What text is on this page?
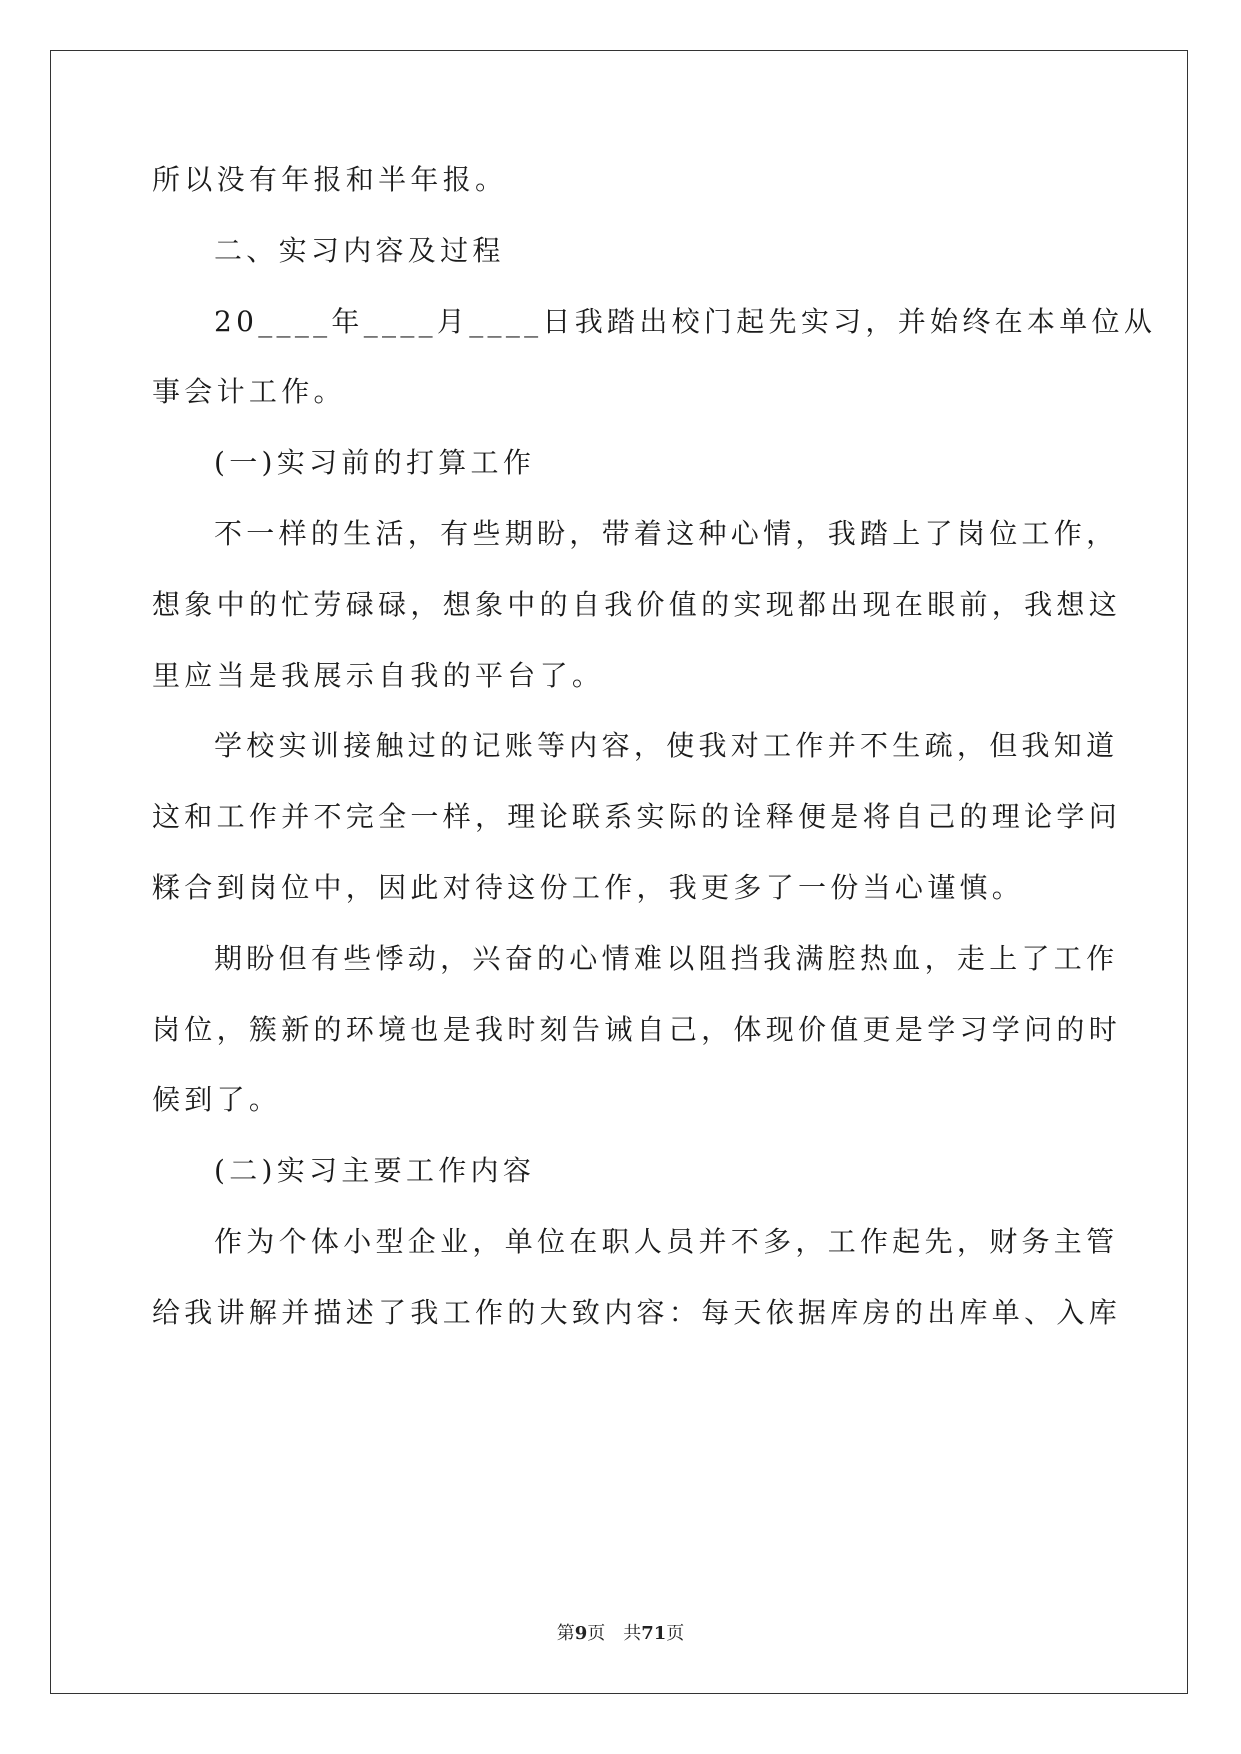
所以没有年报和半年报。
二、实习内容及过程
20____年____月____日我踏出校门起先实习，并始终在本单位从
事会计工作。
(一)实习前的打算工作
不一样的生活，有些期盼，带着这种心情，我踏上了岗位工作，
想象中的忙劳碌碌，想象中的自我价值的实现都出现在眼前，我想这
里应当是我展示自我的平台了。
学校实训接触过的记账等内容，使我对工作并不生疏，但我知道
这和工作并不完全一样，理论联系实际的诠释便是将自己的理论学问
糅合到岗位中，因此对待这份工作，我更多了一份当心谨慎。
期盼但有些悸动，兴奋的心情难以阻挡我满腔热血，走上了工作
岗位，簇新的环境也是我时刻告诫自己，体现价值更是学习学问的时
候到了。
(二)实习主要工作内容
作为个体小型企业，单位在职人员并不多，工作起先，财务主管
给我讲解并描述了我工作的大致内容：每天依据库房的出库单、入库
第9页 共71页
